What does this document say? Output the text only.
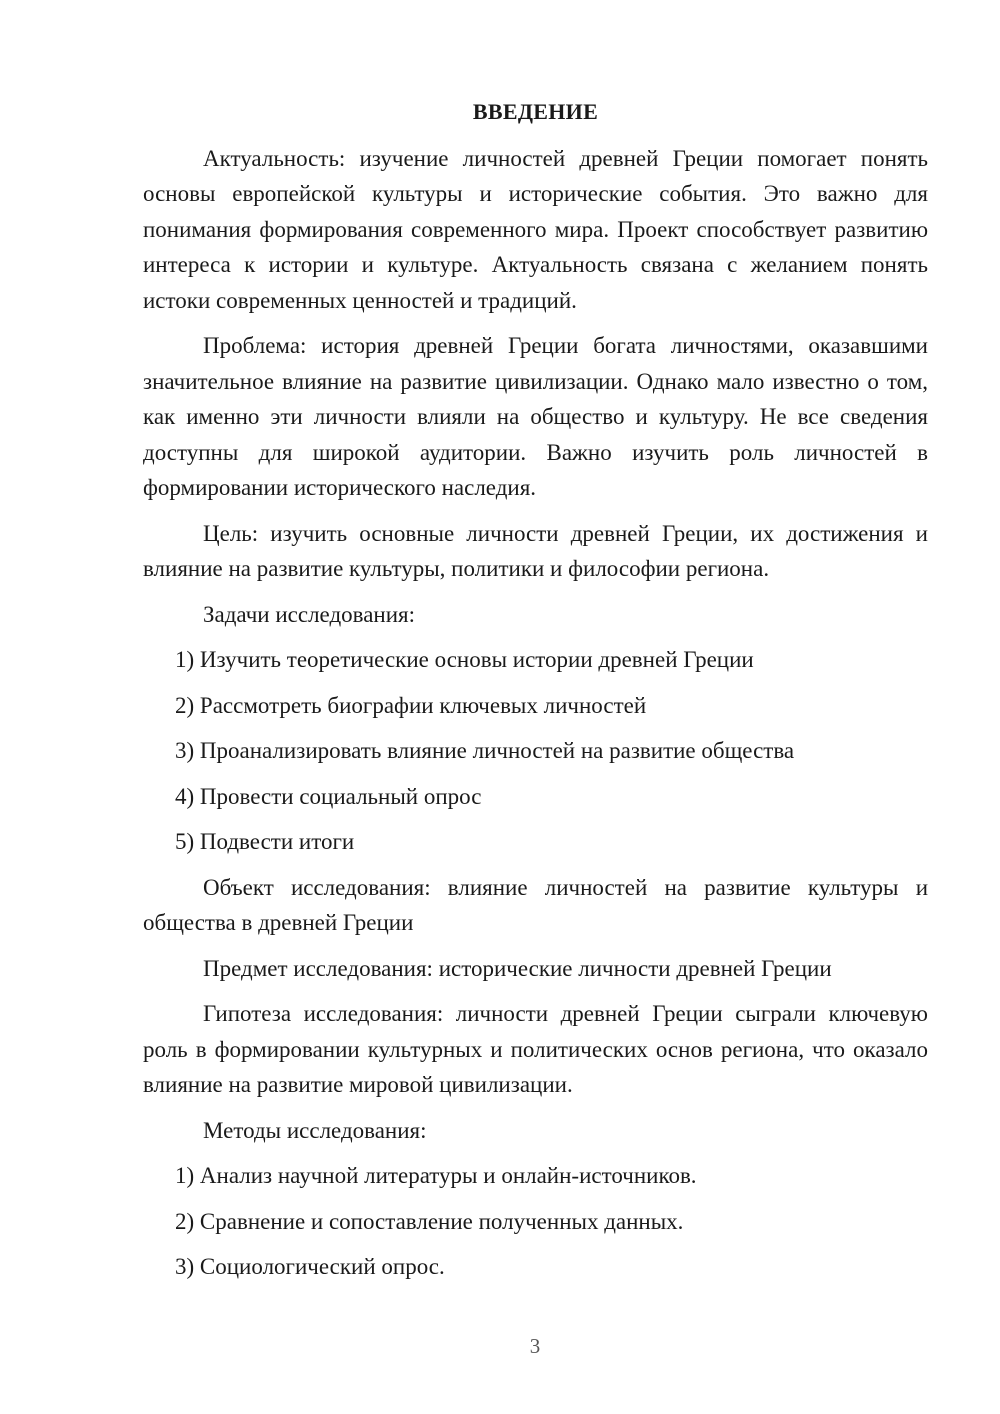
ВВЕДЕНИЕ

Актуальность: изучение личностей древней Греции помогает понять основы европейской культуры и исторические события. Это важно для понимания формирования современного мира. Проект способствует развитию интереса к истории и культуре. Актуальность связана с желанием понять истоки современных ценностей и традиций.

Проблема: история древней Греции богата личностями, оказавшими значительное влияние на развитие цивилизации. Однако мало известно о том, как именно эти личности влияли на общество и культуру. Не все сведения доступны для широкой аудитории. Важно изучить роль личностей в формировании исторического наследия.

Цель: изучить основные личности древней Греции, их достижения и влияние на развитие культуры, политики и философии региона.

Задачи исследования:

1) Изучить теоретические основы истории древней Греции

2) Рассмотреть биографии ключевых личностей

3) Проанализировать влияние личностей на развитие общества

4) Провести социальный опрос

5) Подвести итоги

Объект исследования: влияние личностей на развитие культуры и общества в древней Греции

Предмет исследования: исторические личности древней Греции

Гипотеза исследования: личности древней Греции сыграли ключевую роль в формировании культурных и политических основ региона, что оказало влияние на развитие мировой цивилизации.

Методы исследования:

1) Анализ научной литературы и онлайн-источников.

2) Сравнение и сопоставление полученных данных.

3) Социологический опрос.

3
